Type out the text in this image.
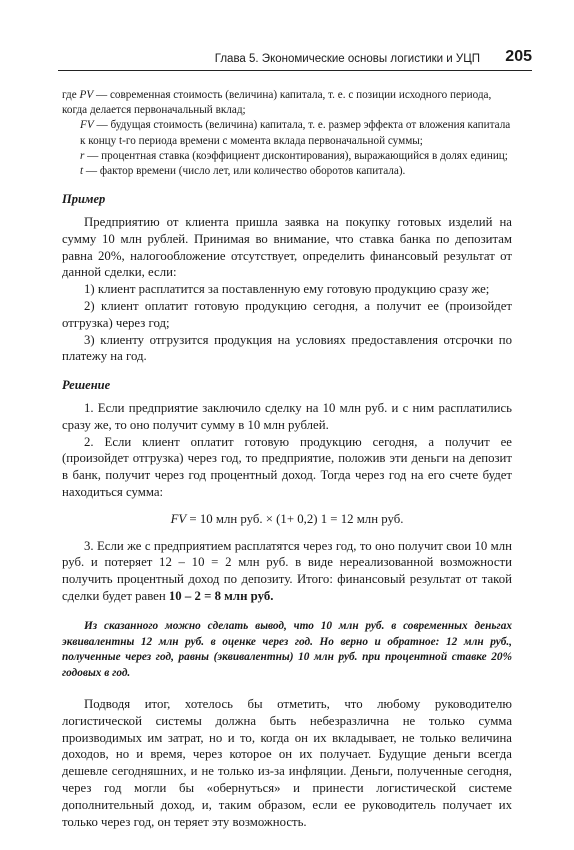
Глава 5. Экономические основы логистики и УЦП 205

где PV — современная стоимость (величина) капитала, т. е. с позиции исходного периода, когда делается первоначальный вклад;

FV — будущая стоимость (величина) капитала, т. е. размер эффекта от вложения капитала к концу t-го периода времени с момента вклада первоначальной суммы;

r — процентная ставка (коэффициент дисконтирования), выражающийся в долях единиц;

t — фактор времени (число лет, или количество оборотов капитала).

Пример

Предприятию от клиента пришла заявка на покупку готовых изделий на сумму 10 млн рублей. Принимая во внимание, что ставка банка по депозитам равна 20%, налогообложение отсутствует, определить финансовый результат от данной сделки, если:

1) клиент расплатится за поставленную ему готовую продукцию сразу же;

2) клиент оплатит готовую продукцию сегодня, а получит ее (произойдет отгрузка) через год;

3) клиенту отгрузится продукция на условиях предоставления отсрочки по платежу на год.

Решение

1. Если предприятие заключило сделку на 10 млн руб. и с ним расплатились сразу же, то оно получит сумму в 10 млн рублей.

2. Если клиент оплатит готовую продукцию сегодня, а получит ее (произойдет отгрузка) через год, то предприятие, положив эти деньги на депозит в банк, получит через год процентный доход. Тогда через год на его счете будет находиться сумма:

FV = 10 млн руб. × (1+ 0,2) 1 = 12 млн руб.

3. Если же с предприятием расплатятся через год, то оно получит свои 10 млн руб. и потеряет 12 – 10 = 2 млн руб. в виде нереализованной возможности получить процентный доход по депозиту. Итого: финансовый результат от такой сделки будет равен 10 – 2 = 8 млн руб.

Из сказанного можно сделать вывод, что 10 млн руб. в современных деньгах эквивалентны 12 млн руб. в оценке через год. Но верно и обратное: 12 млн руб., полученные через год, равны (эквивалентны) 10 млн руб. при процентной ставке 20% годовых в год.

Подводя итог, хотелось бы отметить, что любому руководителю логистической системы должна быть небезразлична не только сумма производимых им затрат, но и то, когда он их вкладывает, не только величина доходов, но и время, через которое он их получает. Будущие деньги всегда дешевле сегодняшних, и не только из-за инфляции. Деньги, полученные сегодня, через год могли бы «обернуться» и принести логистической системе дополнительный доход, и, таким образом, если ее руководитель получает их только через год, он теряет эту возможность.
